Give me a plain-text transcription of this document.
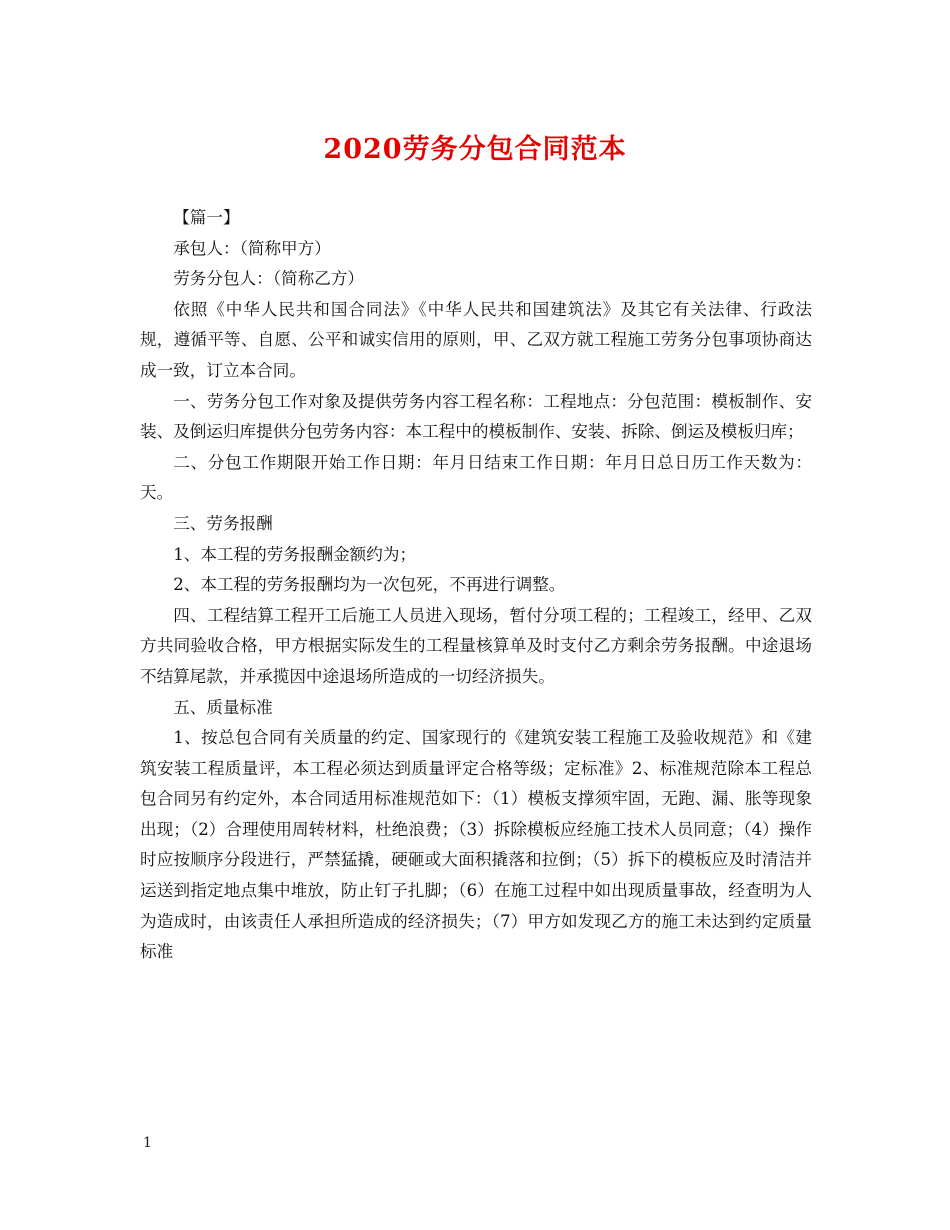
2020劳务分包合同范本

【篇一】

承包人：（简称甲方）

劳务分包人：（简称乙方）

依照《中华人民共和国合同法》《中华人民共和国建筑法》及其它有关法律、行政法规，遵循平等、自愿、公平和诚实信用的原则，甲、乙双方就工程施工劳务分包事项协商达成一致，订立本合同。

一、劳务分包工作对象及提供劳务内容工程名称：工程地点：分包范围：模板制作、安装、及倒运归库提供分包劳务内容：本工程中的模板制作、安装、拆除、倒运及模板归库；

二、分包工作期限开始工作日期：年月日结束工作日期：年月日总日历工作天数为：天。

三、劳务报酬

1、本工程的劳务报酬金额约为；

2、本工程的劳务报酬均为一次包死，不再进行调整。

四、工程结算工程开工后施工人员进入现场，暂付分项工程的；工程竣工，经甲、乙双方共同验收合格，甲方根据实际发生的工程量核算单及时支付乙方剩余劳务报酬。中途退场不结算尾款，并承揽因中途退场所造成的一切经济损失。

五、质量标准

1、按总包合同有关质量的约定、国家现行的《建筑安装工程施工及验收规范》和《建筑安装工程质量评，本工程必须达到质量评定合格等级；定标准》2、标准规范除本工程总包合同另有约定外，本合同适用标准规范如下：（1）模板支撑须牢固，无跑、漏、胀等现象出现；（2）合理使用周转材料，杜绝浪费；（3）拆除模板应经施工技术人员同意；（4）操作时应按顺序分段进行，严禁猛撬，硬砸或大面积撬落和拉倒；（5）拆下的模板应及时清洁并运送到指定地点集中堆放，防止钉子扎脚；（6）在施工过程中如出现质量事故，经查明为人为造成时，由该责任人承担所造成的经济损失；（7）甲方如发现乙方的施工未达到约定质量标准

1
